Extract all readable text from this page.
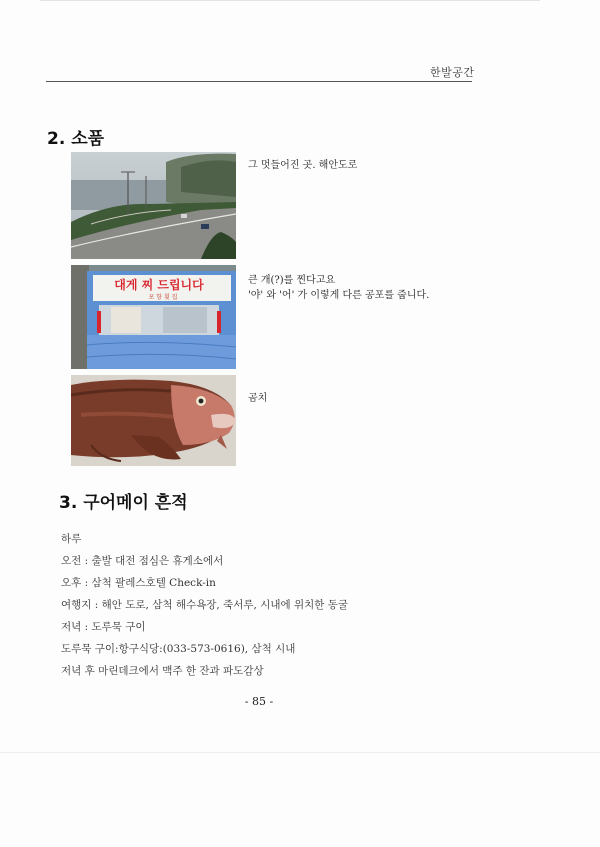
한발공간
2. 소품
그 멋들어진 곳. 해안도로
대게 찌 드립니다
포 항 횟 집
큰 개(?)를 찐다고요
'야' 와 '어' 가 이렇게 다른 공포를 줍니다.
곰치
3. 구어메이 흔적
하루
오전 : 출발 대전 점심은 휴게소에서
오후 : 삼척 팔레스호텔 Check-in
여행지 : 해안 도로, 삼척 해수욕장, 죽서루, 시내에 위치한 동굴
저녁 : 도루묵 구이
도루묵 구이:항구식당:(033-573-0616), 삼척 시내
저녁 후 마린데크에서 맥주 한 잔과 파도감상
- 85 -
